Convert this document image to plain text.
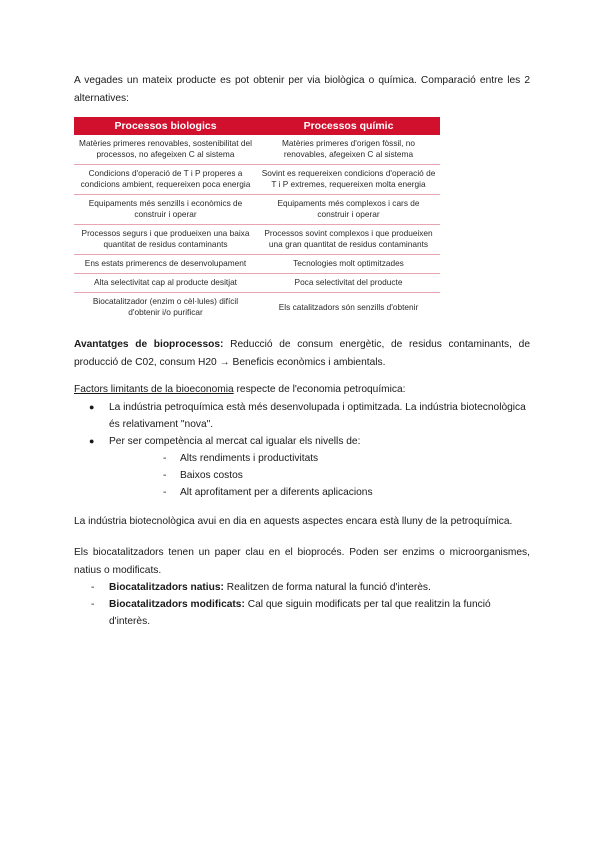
A vegades un mateix producte es pot obtenir per via biològica o química. Comparació entre les 2 alternatives:

Processos biologics	Processos químic
Matèries primeres renovables, sostenibilitat del processos, no afegeixen C al sistema	Matèries primeres d'origen fòssil, no renovables, afegeixen C al sistema
Condicions d'operació de T i P properes a condicions ambient, requereixen poca energia	Sovint es requereixen condicions d'operació de T i P extremes, requereixen molta energia
Equipaments més senzills i econòmics de construir i operar	Equipaments més complexos i cars de construir i operar
Processos segurs i que produeixen una baixa quantitat de residus contaminants	Processos sovint complexos i que produeixen una gran quantitat de residus contaminants
Ens estats primerencs de desenvolupament	Tecnologies molt optimitzades
Alta selectivitat cap al producte desitjat	Poca selectivitat del producte
Biocatalitzador (enzim o cèl·lules) difícil d'obtenir i/o purificar	Els catalitzadors són senzills d'obtenir

Avantatges de bioprocessos: Reducció de consum energètic, de residus contaminants, de producció de C02, consum H20 → Beneficis econòmics i ambientals.

Factors limitants de la bioeconomia respecte de l'economia petroquímica:

● La indústria petroquímica està més desenvolupada i optimitzada. La indústria biotecnològica és relativament "nova".
● Per ser competència al mercat cal igualar els nivells de:
- Alts rendiments i productivitats
- Baixos costos
- Alt aprofitament per a diferents aplicacions

La indústria biotecnològica avui en dia en aquests aspectes encara està lluny de la petroquímica.

Els biocatalitzadors tenen un paper clau en el bioprocés. Poden ser enzims o microorganismes, natius o modificats.

- Biocatalitzadors natius: Realitzen de forma natural la funció d'interès.
- Biocatalitzadors modificats: Cal que siguin modificats per tal que realitzin la funció d'interès.
